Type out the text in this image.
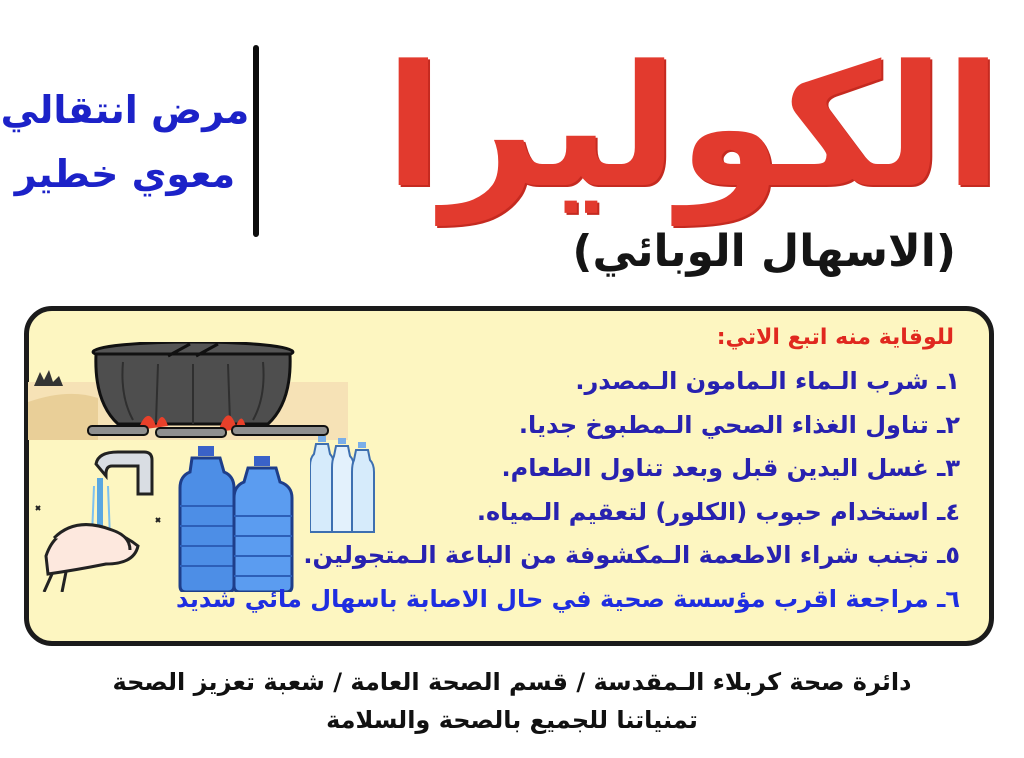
الكوليرا
(الاسهال الوبائي)
مرض انتقالي
معوي خطير
للوقاية منه اتبع الاتي:
١ـ شرب الـماء الـمامون الـمصدر.
٢ـ تناول الغذاء الصحي الـمطبوخ جديا.
٣ـ غسل اليدين قبل وبعد تناول الطعام.
٤ـ استخدام حبوب (الكلور) لتعقيم الـمياه.
٥ـ تجنب شراء الاطعمة الـمكشوفة من الباعة الـمتجولين.
٦ـ مراجعة اقرب مؤسسة صحية في حال الاصابة باسهال مائي شديد
دائرة صحة كربلاء الـمقدسة / قسم الصحة العامة / شعبة تعزيز الصحة
تمنياتنا للجميع بالصحة والسلامة
